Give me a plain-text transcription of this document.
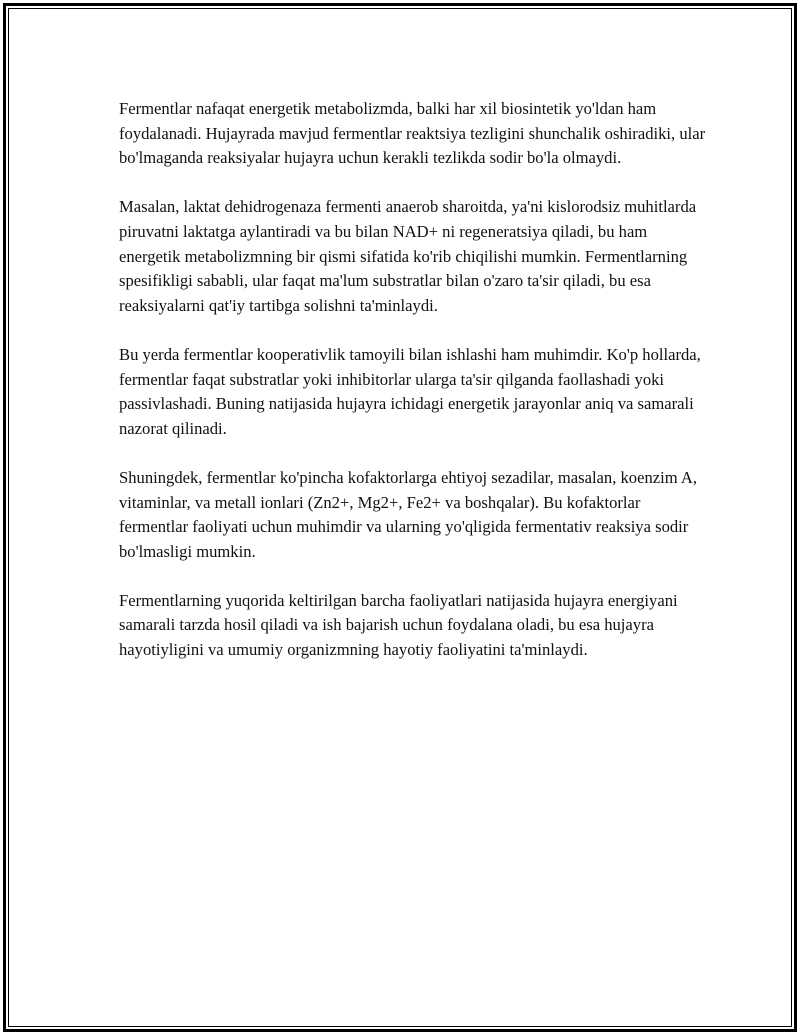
Fermentlar nafaqat energetik metabolizmda, balki har xil biosintetik yo'ldan ham foydalanadi. Hujayrada mavjud fermentlar reaktsiya tezligini shunchalik oshiradiki, ular bo'lmaganda reaksiyalar hujayra uchun kerakli tezlikda sodir bo'la olmaydi.

Masalan, laktat dehidrogenaza fermenti anaerob sharoitda, ya'ni kislorodsiz muhitlarda piruvatni laktatga aylantiradi va bu bilan NAD+ ni regeneratsiya qiladi, bu ham energetik metabolizmning bir qismi sifatida ko'rib chiqilishi mumkin. Fermentlarning spesifikligi sababli, ular faqat ma'lum substratlar bilan o'zaro ta'sir qiladi, bu esa reaksiyalarni qat'iy tartibga solishni ta'minlaydi.

Bu yerda fermentlar kooperativlik tamoyili bilan ishlashi ham muhimdir. Ko'p hollarda, fermentlar faqat substratlar yoki inhibitorlar ularga ta'sir qilganda faollashadi yoki passivlashadi. Buning natijasida hujayra ichidagi energetik jarayonlar aniq va samarali nazorat qilinadi.

Shuningdek, fermentlar ko'pincha kofaktorlarga ehtiyoj sezadilar, masalan, koenzim A, vitaminlar, va metall ionlari (Zn2+, Mg2+, Fe2+ va boshqalar). Bu kofaktorlar fermentlar faoliyati uchun muhimdir va ularning yo'qligida fermentativ reaksiya sodir bo'lmasligi mumkin.

Fermentlarning yuqorida keltirilgan barcha faoliyatlari natijasida hujayra energiyani samarali tarzda hosil qiladi va ish bajarish uchun foydalana oladi, bu esa hujayra hayotiyligini va umumiy organizmning hayotiy faoliyatini ta'minlaydi.
